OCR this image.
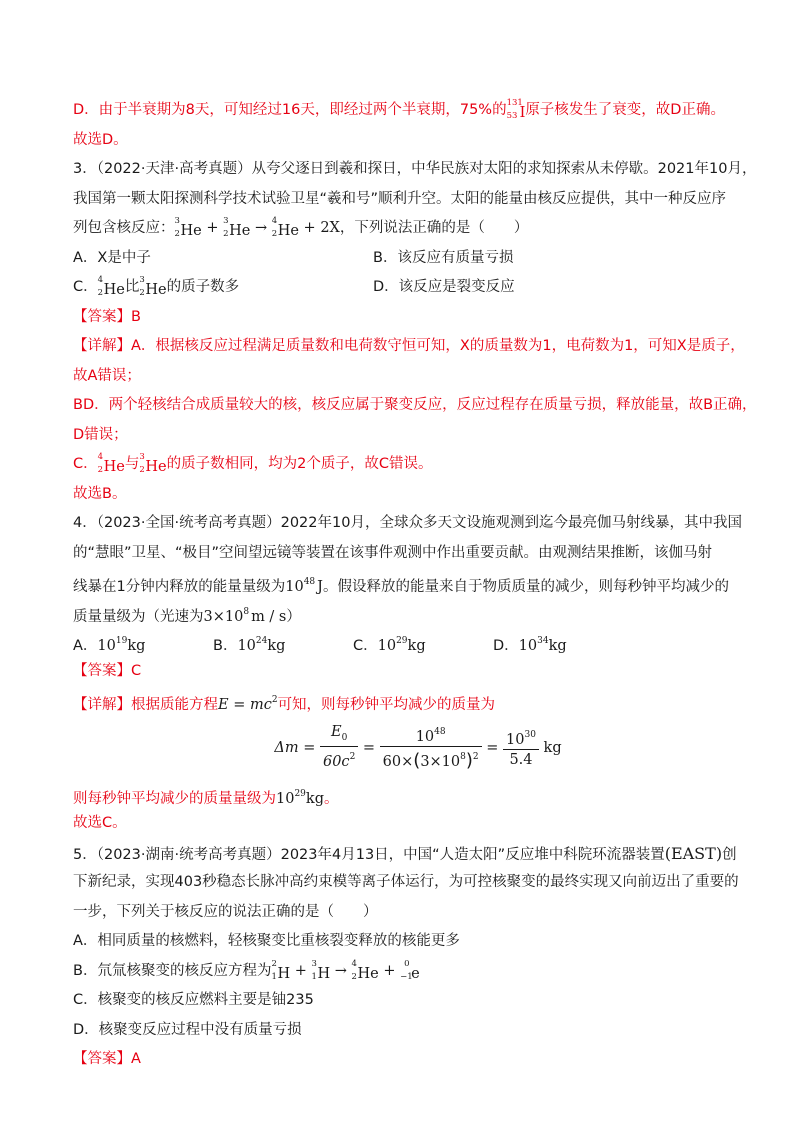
D．由于半衰期为8天，可知经过16天，即经过两个半衰期，75%的 131
53 I原子核发生了衰变，故D正确。
故选D。
3．（2022·天津·高考真题）从夸父逐日到羲和探日，中华民族对太阳的求知探索从未停歇。2021年10月，
我国第一颗太阳探测科学技术试验卫星“羲和号”顺利升空。太阳的能量由核反应提供，其中一种反应序
列包含核反应： 3
2 He + 3
2 He → 4
2 He + 2X，下列说法正确的是（　　）
A．X是中子	B．该反应有质量亏损
C． 4
2 He比 3
2 He的质子数多	D．该反应是裂变反应
【答案】B
【详解】A．根据核反应过程满足质量数和电荷数守恒可知，X的质量数为1，电荷数为1，可知X是质子，
故A错误；
BD．两个轻核结合成质量较大的核，核反应属于聚变反应，反应过程存在质量亏损，释放能量，故B正确，
D错误；
C． 4
2 He与 3
2 He的质子数相同，均为2个质子，故C错误。
故选B。
4．（2023·全国·统考高考真题）2022年10月，全球众多天文设施观测到迄今最亮伽马射线暴，其中我国
的“慧眼”卫星、“极目”空间望远镜等装置在该事件观测中作出重要贡献。由观测结果推断，该伽马射
线暴在1分钟内释放的能量量级为$10^{48}$ J。假设释放的能量来自于物质质量的减少，则每秒钟平均减少的
质量量级为（光速为$3\times 10^8$ m / s）
A．$10^{19}kg$	B．$10^{24}kg$	C．$10^{29}kg$	D．$10^{34}kg$
【答案】C
【详解】根据质能方程$E = mc^2$可知，则每秒钟平均减少的质量为
$\Delta m = \frac{E_0}{60c^2} = \frac{10^{48}}{60\times(3\times 10^8)^2} = \frac{10^{30}}{5.4}$ kg
则每秒钟平均减少的质量量级为$10^{29}kg$。
故选C。
5．（2023·湖南·统考高考真题）2023年4月13日，中国“人造太阳”反应堆中科院环流器装置(EAST)创
下新纪录，实现403秒稳态长脉冲高约束模等离子体运行，为可控核聚变的最终实现又向前迈出了重要的
一步，下列关于核反应的说法正确的是（　　）
A．相同质量的核燃料，轻核聚变比重核裂变释放的核能更多
B．氘氚核聚变的核反应方程为 2
1 H + 3
1 H → 4
2 He + 0
−1
e
C．核聚变的核反应燃料主要是铀235
D．核聚变反应过程中没有质量亏损
【答案】A
